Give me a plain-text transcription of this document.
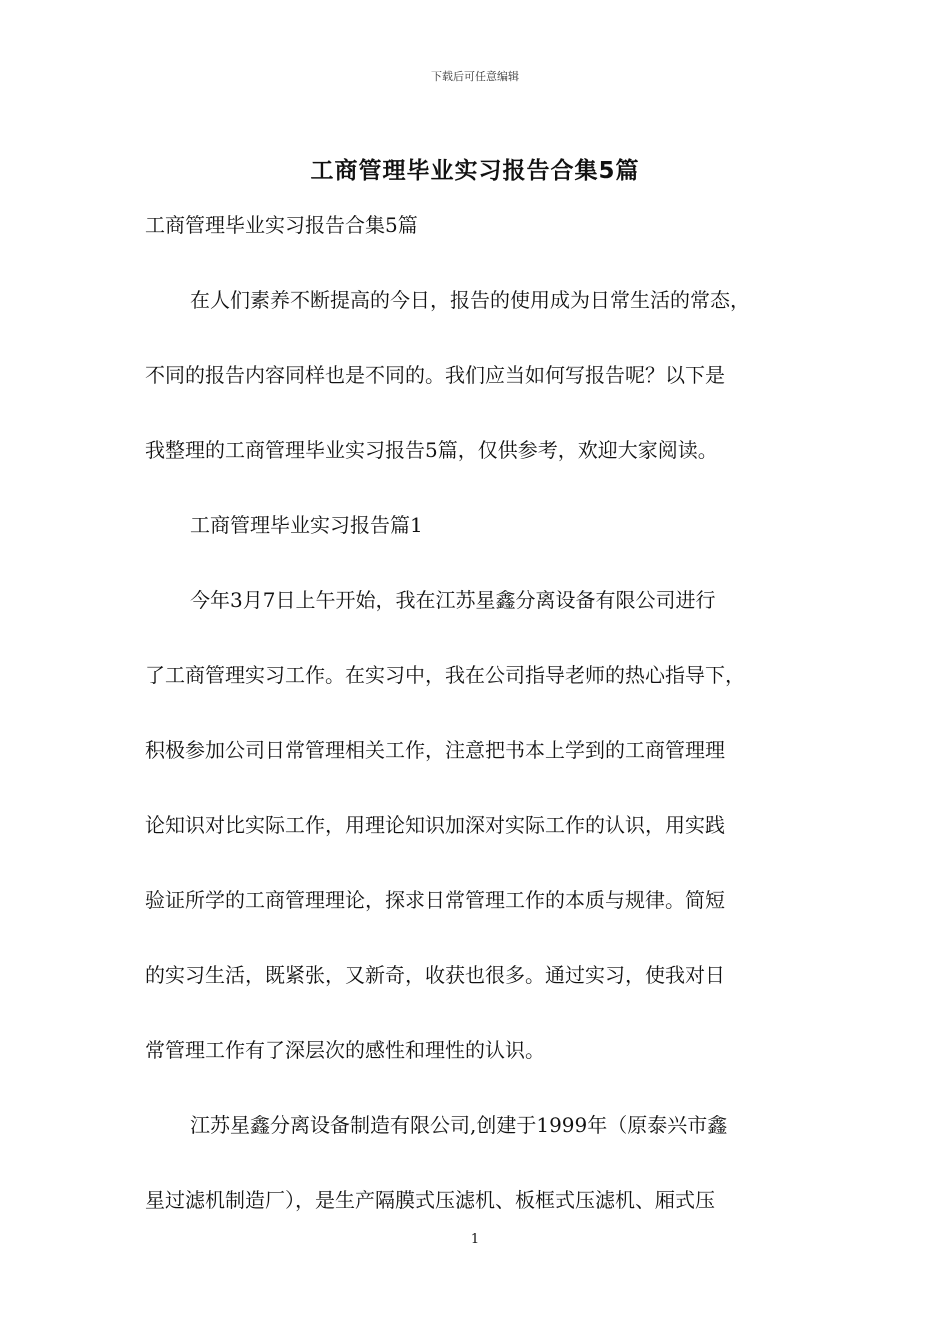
下载后可任意编辑
工商管理毕业实习报告合集5篇
工商管理毕业实习报告合集5篇
在人们素养不断提高的今日，报告的使用成为日常生活的常态，
不同的报告内容同样也是不同的。我们应当如何写报告呢？以下是
我整理的工商管理毕业实习报告5篇，仅供参考，欢迎大家阅读。
工商管理毕业实习报告篇1
今年3月7日上午开始，我在江苏星鑫分离设备有限公司进行
了工商管理实习工作。在实习中，我在公司指导老师的热心指导下，
积极参加公司日常管理相关工作，注意把书本上学到的工商管理理
论知识对比实际工作，用理论知识加深对实际工作的认识，用实践
验证所学的工商管理理论，探求日常管理工作的本质与规律。简短
的实习生活，既紧张，又新奇，收获也很多。通过实习，使我对日
常管理工作有了深层次的感性和理性的认识。
江苏星鑫分离设备制造有限公司,创建于1999年（原泰兴市鑫
星过滤机制造厂），是生产隔膜式压滤机、板框式压滤机、厢式压
1
